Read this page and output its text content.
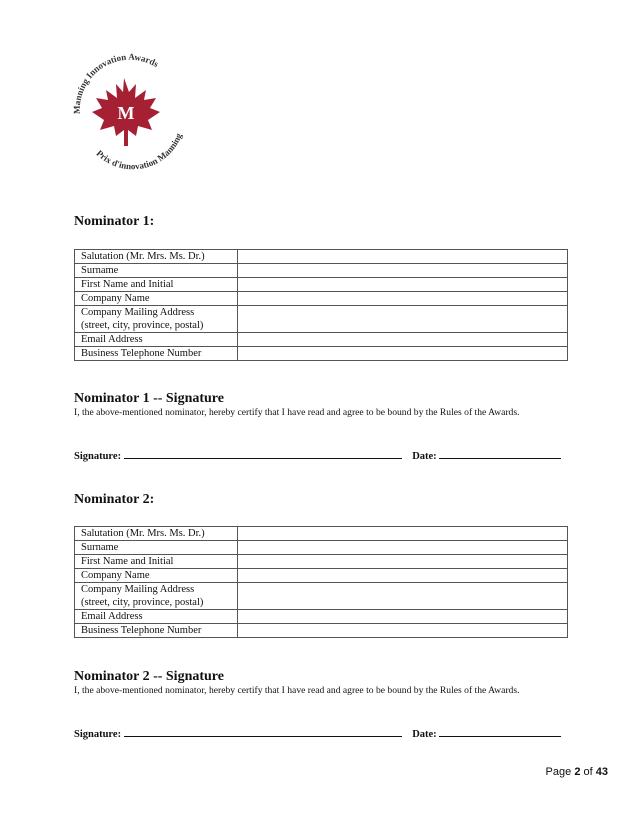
Manning Innovation Awards
Prix d'innovation Manning
M
Nominator 1:
Salutation (Mr. Mrs. Ms. Dr.)	
Surname	
First Name and Initial	
Company Name	
Company Mailing Address
(street, city, province, postal)	
Email Address	
Business Telephone Number	
Nominator 1 -- Signature

I, the above-mentioned nominator, hereby certify that I have read and agree to be bound by the Rules of the Awards.

Signature:	Date:

Nominator 2:
Salutation (Mr. Mrs. Ms. Dr.)	
Surname	
First Name and Initial	
Company Name	
Company Mailing Address
(street, city, province, postal)	
Email Address	
Business Telephone Number	
Nominator 2 -- Signature

I, the above-mentioned nominator, hereby certify that I have read and agree to be bound by the Rules of the Awards.

Signature:	Date:

Page 2 of 43
